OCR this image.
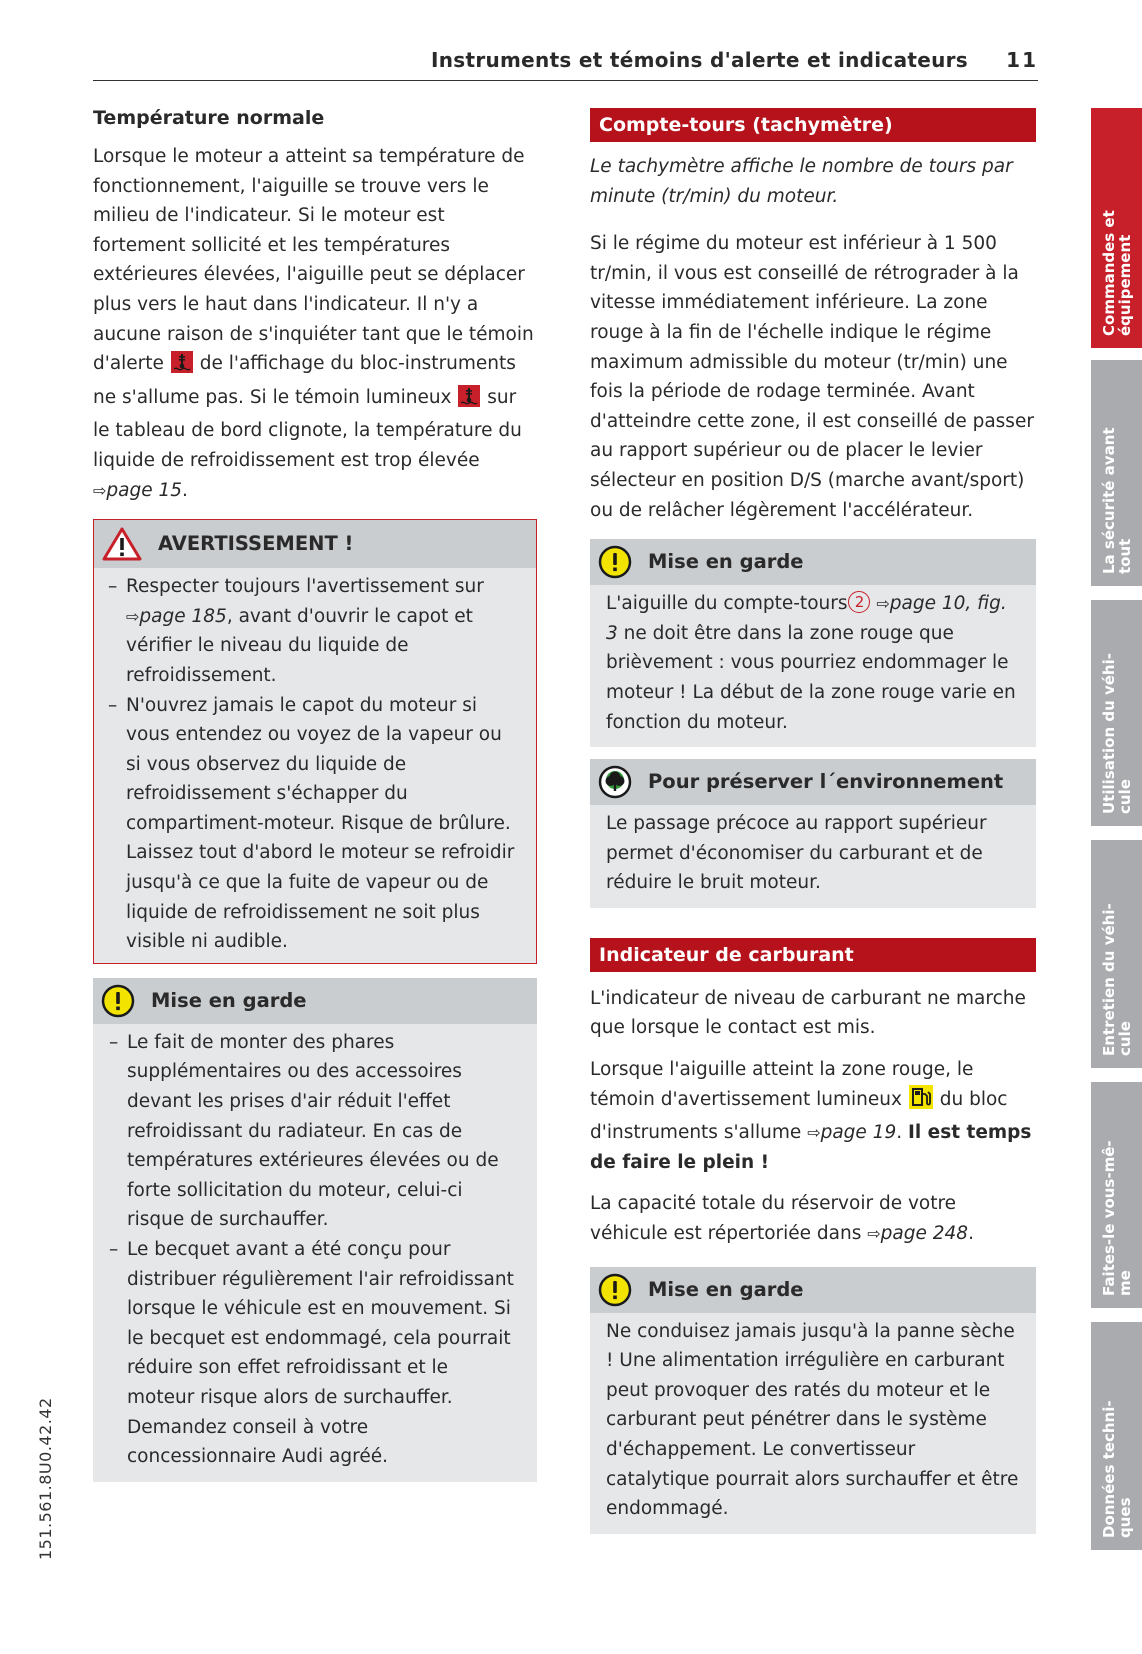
Instruments et témoins d'alerte et indicateurs 11
151.561.8U0.42.42
Température normale

Lorsque le moteur a atteint sa température de fonctionnement, l'aiguille se trouve vers le milieu de l'indicateur. Si le moteur est fortement sollicité et les températures extérieures élevées, l'aiguille peut se déplacer plus vers le haut dans l'indicateur. Il n'y a aucune raison de s'inquiéter tant que le témoin d'alerte de l'affichage du bloc-instruments ne s'allume pas. Si le témoin lumineux sur le tableau de bord clignote, la température du liquide de refroidissement est trop élevée ⇨page 15.

AVERTISSEMENT !
– Respecter toujours l'avertissement sur
⇨page 185, avant d'ouvrir le capot et vérifier le niveau du liquide de refroidissement.
– N'ouvrez jamais le capot du moteur si vous entendez ou voyez de la vapeur ou si vous observez du liquide de refroidissement s'échapper du compartiment-moteur. Risque de brûlure. Laissez tout d'abord le moteur se refroidir jusqu'à ce que la fuite de vapeur ou de liquide de refroidissement ne soit plus visible ni audible.
Mise en garde
– Le fait de monter des phares supplémentaires ou des accessoires devant les prises d'air réduit l'effet refroidissant du radiateur. En cas de températures extérieures élevées ou de forte sollicitation du moteur, celui-ci risque de surchauffer.
– Le becquet avant a été conçu pour distribuer régulièrement l'air refroidissant lorsque le véhicule est en mouvement. Si le becquet est endommagé, cela pourrait réduire son effet refroidissant et le moteur risque alors de surchauffer. Demandez conseil à votre concessionnaire Audi agréé.
Compte-tours (tachymètre)

Le tachymètre affiche le nombre de tours par minute (tr/min) du moteur.

Si le régime du moteur est inférieur à 1 500 tr/min, il vous est conseillé de rétrograder à la vitesse immédiatement inférieure. La zone rouge à la fin de l'échelle indique le régime maximum admissible du moteur (tr/min) une fois la période de rodage terminée. Avant d'atteindre cette zone, il est conseillé de passer au rapport supérieur ou de placer le levier sélecteur en position D/S (marche avant/sport) ou de relâcher légèrement l'accélérateur.

Mise en garde

L'aiguille du compte-tours 2 ⇨page 10, fig. 3 ne doit être dans la zone rouge que brièvement : vous pourriez endommager le moteur ! La début de la zone rouge varie en fonction du moteur.

Pour préserver l´environnement

Le passage précoce au rapport supérieur permet d'économiser du carburant et de réduire le bruit moteur.

Indicateur de carburant

L'indicateur de niveau de carburant ne marche que lorsque le contact est mis.

Lorsque l'aiguille atteint la zone rouge, le témoin d'avertissement lumineux du bloc d'instruments s'allume ⇨page 19. Il est temps de faire le plein !

La capacité totale du réservoir de votre véhicule est répertoriée dans ⇨page 248.

Mise en garde

Ne conduisez jamais jusqu'à la panne sèche ! Une alimentation irrégulière en carburant peut provoquer des ratés du moteur et le carburant peut pénétrer dans le système d'échappement. Le convertisseur catalytique pourrait alors surchauffer et être endommagé.

Commandes et
équipement
La sécurité avant
tout
Utilisation du véhi-
cule
Entretien du véhi-
cule
Faites-le vous-mê-
me
Données techni-
ques
